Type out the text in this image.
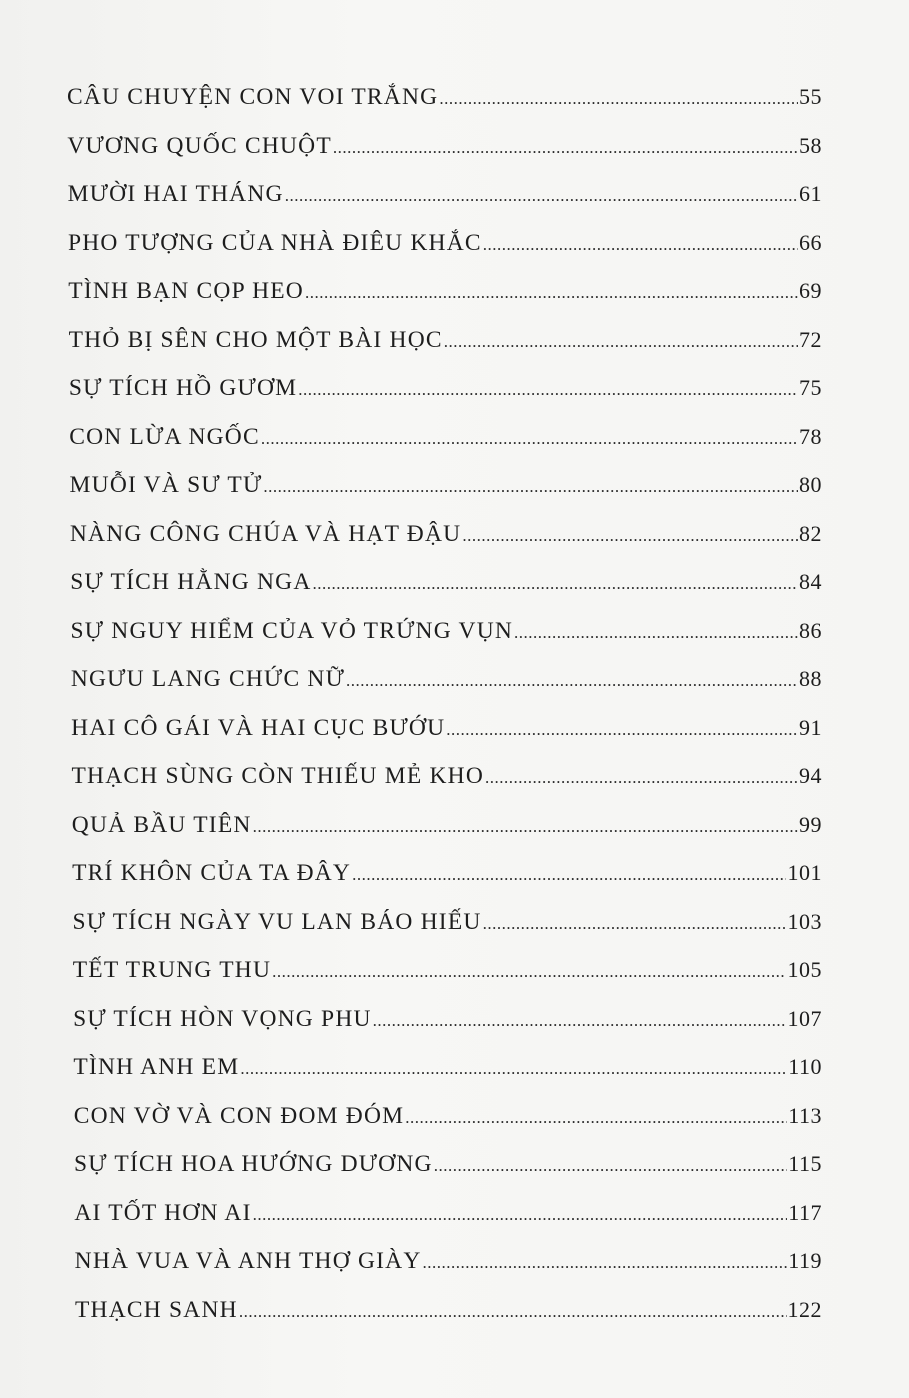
CÂU CHUYỆN CON VOI TRẮNG .....	55
VƯƠNG QUỐC CHUỘT .....	58
MƯỜI HAI THÁNG .....	61
PHO TƯỢNG CỦA NHÀ ĐIÊU KHẮC .....	66
TÌNH BẠN CỌP HEO .....	69
THỎ BỊ SÊN CHO MỘT BÀI HỌC .....	72
SỰ TÍCH HỒ GƯƠM .....	75
CON LỪA NGỐC .....	78
MUỖI VÀ SƯ TỬ .....	80
NÀNG CÔNG CHÚA VÀ HẠT ĐẬU .....	82
SỰ TÍCH HẰNG NGA .....	84
SỰ NGUY HIỂM CỦA VỎ TRỨNG VỤN .....	86
NGƯU LANG CHỨC NỮ .....	88
HAI CÔ GÁI VÀ HAI CỤC BƯỚU .....	91
THẠCH SÙNG CÒN THIẾU MẺ KHO .....	94
QUẢ BẦU TIÊN .....	99
TRÍ KHÔN CỦA TA ĐÂY .....	101
SỰ TÍCH NGÀY VU LAN BÁO HIẾU .....	103
TẾT TRUNG THU .....	105
SỰ TÍCH HÒN VỌNG PHU .....	107
TÌNH ANH EM .....	110
CON VỜ VÀ CON ĐOM ĐÓM .....	113
SỰ TÍCH HOA HƯỚNG DƯƠNG .....	115
AI TỐT HƠN AI .....	117
NHÀ VUA VÀ ANH THỢ GIÀY .....	119
THẠCH SANH .....	122
